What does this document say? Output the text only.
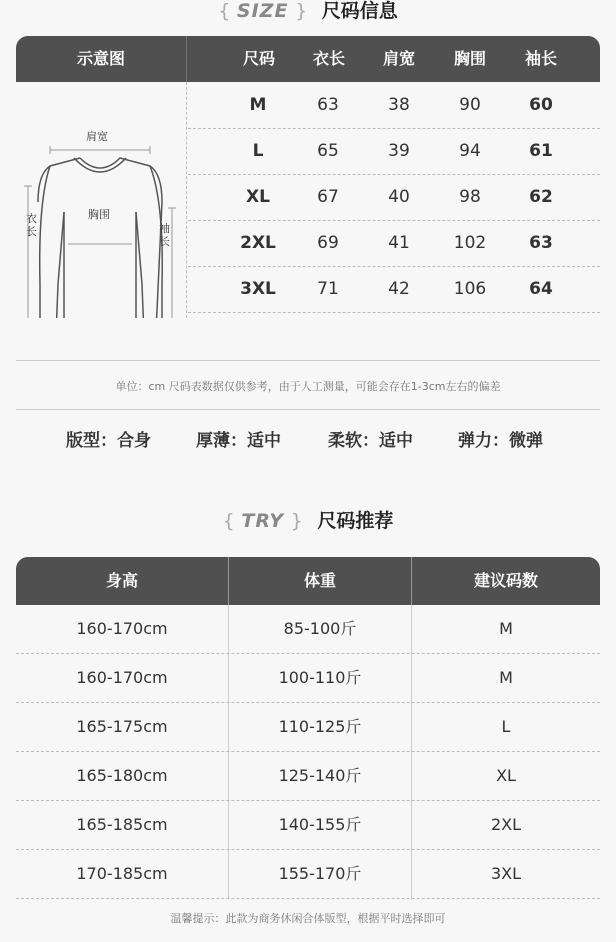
{ SIZE } 尺码信息
示意图	尺码	衣长	肩宽	胸围	袖长
肩宽
胸围
衣长	袖长
M	63	38	90	60
L	65	39	94	61
XL	67	40	98	62
2XL	69	41	102	63
3XL	71	42	106	64
单位：cm 尺码表数据仅供参考，由于人工测量，可能会存在1-3cm左右的偏差
版型：合身	厚薄：适中	柔软：适中	弹力：微弹
{ TRY } 尺码推荐
身高	体重	建议码数
160-170cm	85-100斤	M
160-170cm	100-110斤	M
165-175cm	110-125斤	L
165-180cm	125-140斤	XL
165-185cm	140-155斤	2XL
170-185cm	155-170斤	3XL
温馨提示：此款为商务休闲合体版型，根据平时选择即可
